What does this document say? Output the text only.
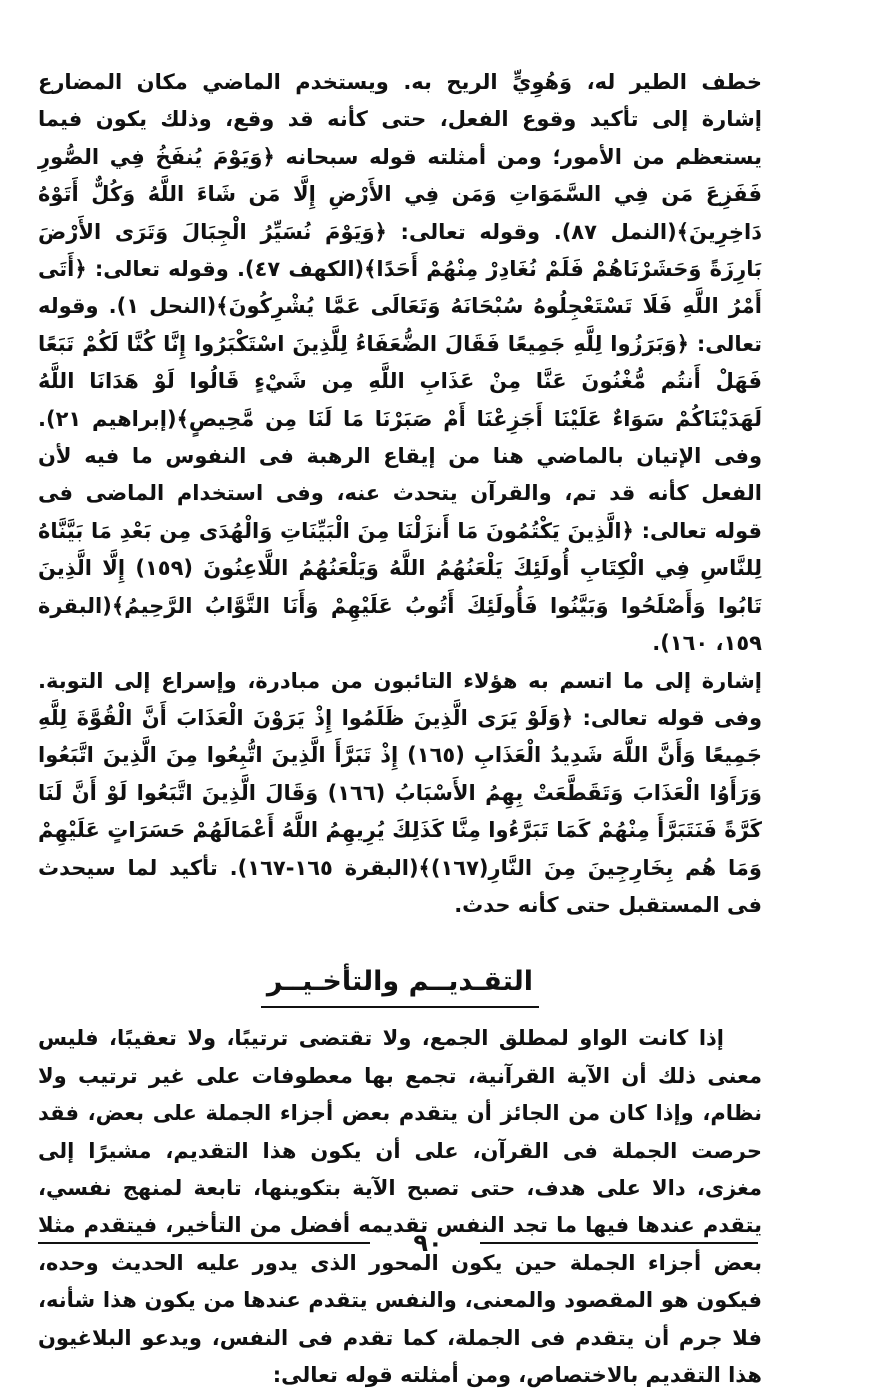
خطف الطير له، وَهُوِيٍّ الريح به. ويستخدم الماضي مكان المضارع إشارة إلى تأكيد وقوع الفعل، حتى كأنه قد وقع، وذلك يكون فيما يستعظم من الأمور؛ ومن أمثلته قوله سبحانه ﴿وَيَوْمَ يُنفَخُ فِي الصُّورِ فَفَزِعَ مَن فِي السَّمَوَاتِ وَمَن فِي الأَرْضِ إِلَّا مَن شَاءَ اللَّهُ وَكُلٌّ أَتَوْهُ دَاخِرِينَ﴾(النمل ٨٧). وقوله تعالى: ﴿وَيَوْمَ نُسَيِّرُ الْجِبَالَ وَتَرَى الأَرْضَ بَارِزَةً وَحَشَرْنَاهُمْ فَلَمْ نُغَادِرْ مِنْهُمْ أَحَدًا﴾(الكهف ٤٧). وقوله تعالى: ﴿أَتَى أَمْرُ اللَّهِ فَلَا تَسْتَعْجِلُوهُ سُبْحَانَهُ وَتَعَالَى عَمَّا يُشْرِكُونَ﴾(النحل ١). وقوله تعالى: ﴿وَبَرَزُوا لِلَّهِ جَمِيعًا فَقَالَ الضُّعَفَاءُ لِلَّذِينَ اسْتَكْبَرُوا إِنَّا كُنَّا لَكُمْ تَبَعًا فَهَلْ أَنتُم مُّغْنُونَ عَنَّا مِنْ عَذَابِ اللَّهِ مِن شَيْءٍ قَالُوا لَوْ هَدَانَا اللَّهُ لَهَدَيْنَاكُمْ سَوَاءٌ عَلَيْنَا أَجَزِعْنَا أَمْ صَبَرْنَا مَا لَنَا مِن مَّحِيصٍ﴾(إبراهيم ٢١). وفى الإتيان بالماضي هنا من إيقاع الرهبة فى النفوس ما فيه لأن الفعل كأنه قد تم، والقرآن يتحدث عنه، وفى استخدام الماضى فى قوله تعالى: ﴿الَّذِينَ يَكْتُمُونَ مَا أَنزَلْنَا مِنَ الْبَيِّنَاتِ وَالْهُدَى مِن بَعْدِ مَا بَيَّنَّاهُ لِلنَّاسِ فِي الْكِتَابِ أُولَئِكَ يَلْعَنُهُمُ اللَّهُ وَيَلْعَنُهُمُ اللَّاعِنُونَ (١٥٩) إِلَّا الَّذِينَ تَابُوا وَأَصْلَحُوا وَبَيَّنُوا فَأُولَئِكَ أَتُوبُ عَلَيْهِمْ وَأَنَا التَّوَّابُ الرَّحِيمُ﴾(البقرة ١٥٩، ١٦٠).

إشارة إلى ما اتسم به هؤلاء التائبون من مبادرة، وإسراع إلى التوبة. وفى قوله تعالى: ﴿وَلَوْ يَرَى الَّذِينَ ظَلَمُوا إِذْ يَرَوْنَ الْعَذَابَ أَنَّ الْقُوَّةَ لِلَّهِ جَمِيعًا وَأَنَّ اللَّهَ شَدِيدُ الْعَذَابِ (١٦٥) إِذْ تَبَرَّأَ الَّذِينَ اتُّبِعُوا مِنَ الَّذِينَ اتَّبَعُوا وَرَأَوُا الْعَذَابَ وَتَقَطَّعَتْ بِهِمُ الأَسْبَابُ (١٦٦) وَقَالَ الَّذِينَ اتَّبَعُوا لَوْ أَنَّ لَنَا كَرَّةً فَنَتَبَرَّأَ مِنْهُمْ كَمَا تَبَرَّءُوا مِنَّا كَذَلِكَ يُرِيهِمُ اللَّهُ أَعْمَالَهُمْ حَسَرَاتٍ عَلَيْهِمْ وَمَا هُم بِخَارِجِينَ مِنَ النَّارِ(١٦٧)﴾(البقرة ١٦٥-١٦٧). تأكيد لما سيحدث فى المستقبل حتى كأنه حدث.

التقـديــم والتأخـيــر

إذا كانت الواو لمطلق الجمع، ولا تقتضى ترتيبًا، ولا تعقيبًا، فليس معنى ذلك أن الآية القرآنية، تجمع بها معطوفات على غير ترتيب ولا نظام، وإذا كان من الجائز أن يتقدم بعض أجزاء الجملة على بعض، فقد حرصت الجملة فى القرآن، على أن يكون هذا التقديم، مشيرًا إلى مغزى، دالا على هدف، حتى تصبح الآية بتكوينها، تابعة لمنهج نفسي، يتقدم عندها فيها ما تجد النفس تقديمه أفضل من التأخير، فيتقدم مثلا بعض أجزاء الجملة حين يكون المحور الذى يدور عليه الحديث وحده، فيكون هو المقصود والمعنى، والنفس يتقدم عندها من يكون هذا شأنه، فلا جرم أن يتقدم فى الجملة، كما تقدم فى النفس، ويدعو البلاغيون هذا التقديم بالاختصاص، ومن أمثلته قوله تعالى:

٩٠
